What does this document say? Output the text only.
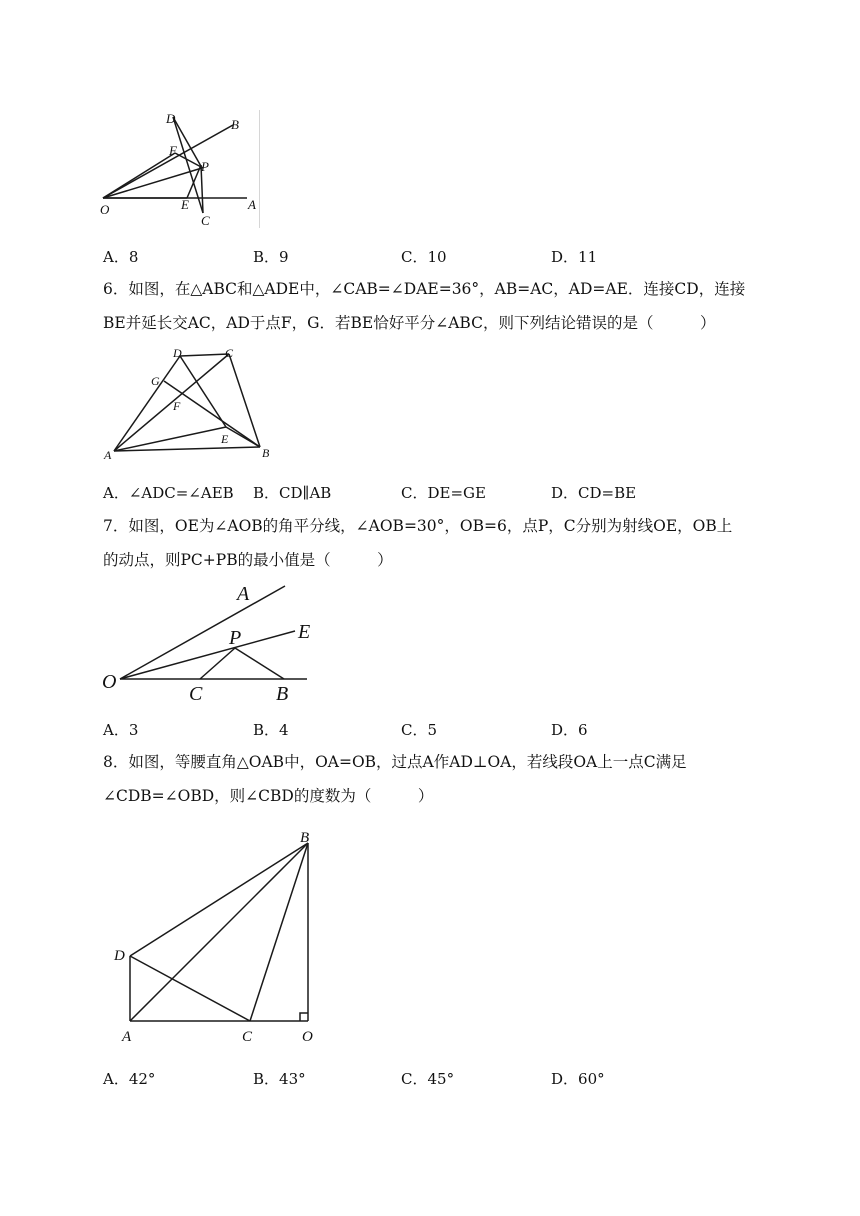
D	B
F
P
O	E
C
A
A．8	B．9	C．10	D．11
6．如图，在△ABC和△ADE中，∠CAB=∠DAE=36°，AB=AC，AD=AE．连接CD，连接
BE并延长交AC，AD于点F，G．若BE恰好平分∠ABC，则下列结论错误的是（　　　）
D	C
G
F
E
A	B
A．∠ADC=∠AEB B．CD∥AB	C．DE=GE	D．CD=BE
7．如图，OE为∠AOB的角平分线，∠AOB=30°，OB=6，点P，C分别为射线OE，OB上
的动点，则PC+PB的最小值是（　　　）
A
P	E
O
C	B
A．3	B．4	C．5	D．6
8．如图，等腰直角△OAB中，OA=OB，过点A作AD⊥OA，若线段OA上一点C满足
∠CDB=∠OBD，则∠CBD的度数为（　　　）
B
D
A	C	O
A．42°	B．43°	C．45°	D．60°
